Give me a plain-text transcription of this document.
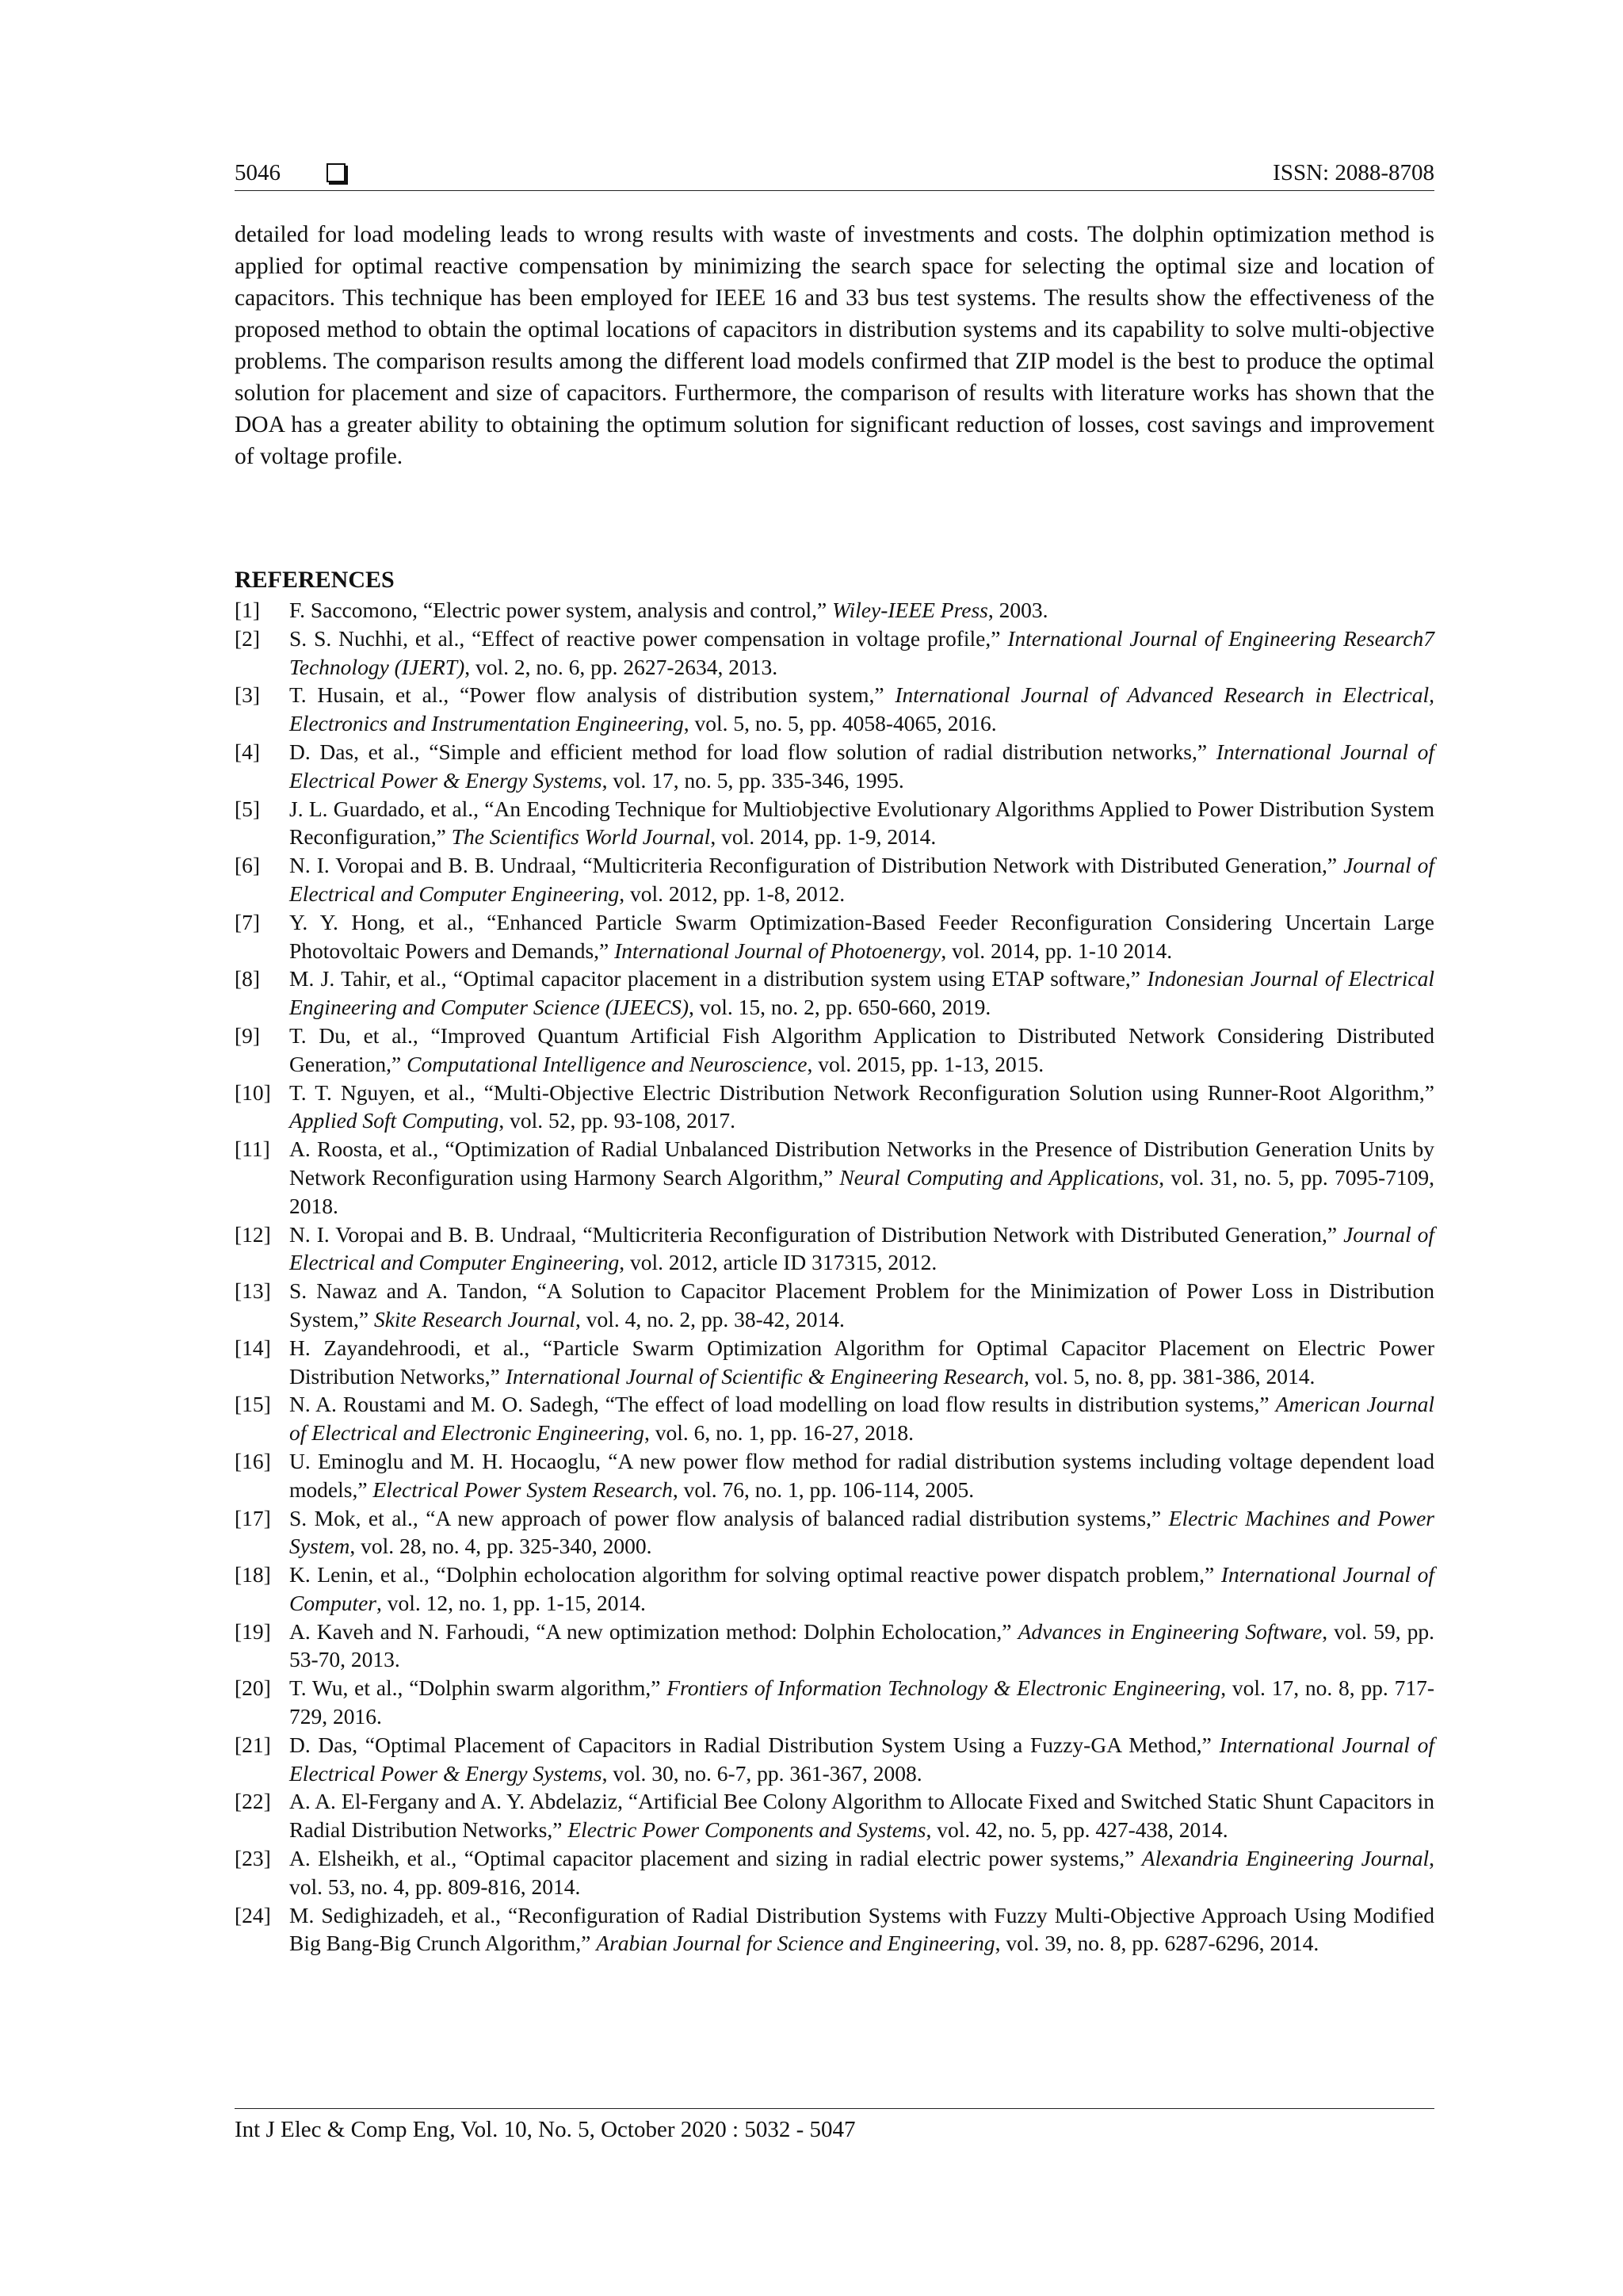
5046	ISSN: 2088-8708

detailed for load modeling leads to wrong results with waste of investments and costs. The dolphin optimization method is applied for optimal reactive compensation by minimizing the search space for selecting the optimal size and location of capacitors. This technique has been employed for IEEE 16 and 33 bus test systems. The results show the effectiveness of the proposed method to obtain the optimal locations of capacitors in distribution systems and its capability to solve multi-objective problems. The comparison results among the different load models confirmed that ZIP model is the best to produce the optimal solution for placement and size of capacitors. Furthermore, the comparison of results with literature works has shown that the DOA has a greater ability to obtaining the optimum solution for significant reduction of losses, cost savings and improvement of voltage profile.

REFERENCES
[1] F. Saccomono, “Electric power system, analysis and control,” Wiley-IEEE Press, 2003.
[2] S. S. Nuchhi, et al., “Effect of reactive power compensation in voltage profile,” International Journal of Engineering Research7 Technology (IJERT), vol. 2, no. 6, pp. 2627-2634, 2013.
[3] T. Husain, et al., “Power flow analysis of distribution system,” International Journal of Advanced Research in Electrical, Electronics and Instrumentation Engineering, vol. 5, no. 5, pp. 4058-4065, 2016.
[4] D. Das, et al., “Simple and efficient method for load flow solution of radial distribution networks,” International Journal of Electrical Power & Energy Systems, vol. 17, no. 5, pp. 335-346, 1995.
[5] J. L. Guardado, et al., “An Encoding Technique for Multiobjective Evolutionary Algorithms Applied to Power Distribution System Reconfiguration,” The Scientifics World Journal, vol. 2014, pp. 1-9, 2014.
[6] N. I. Voropai and B. B. Undraal, “Multicriteria Reconfiguration of Distribution Network with Distributed Generation,” Journal of Electrical and Computer Engineering, vol. 2012, pp. 1-8, 2012.
[7] Y. Y. Hong, et al., “Enhanced Particle Swarm Optimization-Based Feeder Reconfiguration Considering Uncertain Large Photovoltaic Powers and Demands,” International Journal of Photoenergy, vol. 2014, pp. 1-10 2014.
[8] M. J. Tahir, et al., “Optimal capacitor placement in a distribution system using ETAP software,” Indonesian Journal of Electrical Engineering and Computer Science (IJEECS), vol. 15, no. 2, pp. 650-660, 2019.
[9] T. Du, et al., “Improved Quantum Artificial Fish Algorithm Application to Distributed Network Considering Distributed Generation,” Computational Intelligence and Neuroscience, vol. 2015, pp. 1-13, 2015.
[10] T. T. Nguyen, et al., “Multi-Objective Electric Distribution Network Reconfiguration Solution using Runner-Root Algorithm,” Applied Soft Computing, vol. 52, pp. 93-108, 2017.
[11] A. Roosta, et al., “Optimization of Radial Unbalanced Distribution Networks in the Presence of Distribution Generation Units by Network Reconfiguration using Harmony Search Algorithm,” Neural Computing and Applications, vol. 31, no. 5, pp. 7095-7109, 2018.
[12] N. I. Voropai and B. B. Undraal, “Multicriteria Reconfiguration of Distribution Network with Distributed Generation,” Journal of Electrical and Computer Engineering, vol. 2012, article ID 317315, 2012.
[13] S. Nawaz and A. Tandon, “A Solution to Capacitor Placement Problem for the Minimization of Power Loss in Distribution System,” Skite Research Journal, vol. 4, no. 2, pp. 38-42, 2014.
[14] H. Zayandehroodi, et al., “Particle Swarm Optimization Algorithm for Optimal Capacitor Placement on Electric Power Distribution Networks,” International Journal of Scientific & Engineering Research, vol. 5, no. 8, pp. 381-386, 2014.
[15] N. A. Roustami and M. O. Sadegh, “The effect of load modelling on load flow results in distribution systems,” American Journal of Electrical and Electronic Engineering, vol. 6, no. 1, pp. 16-27, 2018.
[16] U. Eminoglu and M. H. Hocaoglu, “A new power flow method for radial distribution systems including voltage dependent load models,” Electrical Power System Research, vol. 76, no. 1, pp. 106-114, 2005.
[17] S. Mok, et al., “A new approach of power flow analysis of balanced radial distribution systems,” Electric Machines and Power System, vol. 28, no. 4, pp. 325-340, 2000.
[18] K. Lenin, et al., “Dolphin echolocation algorithm for solving optimal reactive power dispatch problem,” International Journal of Computer, vol. 12, no. 1, pp. 1-15, 2014.
[19] A. Kaveh and N. Farhoudi, “A new optimization method: Dolphin Echolocation,” Advances in Engineering Software, vol. 59, pp. 53-70, 2013.
[20] T. Wu, et al., “Dolphin swarm algorithm,” Frontiers of Information Technology & Electronic Engineering, vol. 17, no. 8, pp. 717-729, 2016.
[21] D. Das, “Optimal Placement of Capacitors in Radial Distribution System Using a Fuzzy-GA Method,” International Journal of Electrical Power & Energy Systems, vol. 30, no. 6-7, pp. 361-367, 2008.
[22] A. A. El-Fergany and A. Y. Abdelaziz, “Artificial Bee Colony Algorithm to Allocate Fixed and Switched Static Shunt Capacitors in Radial Distribution Networks,” Electric Power Components and Systems, vol. 42, no. 5, pp. 427-438, 2014.
[23] A. Elsheikh, et al., “Optimal capacitor placement and sizing in radial electric power systems,” Alexandria Engineering Journal, vol. 53, no. 4, pp. 809-816, 2014.
[24] M. Sedighizadeh, et al., “Reconfiguration of Radial Distribution Systems with Fuzzy Multi-Objective Approach Using Modified Big Bang-Big Crunch Algorithm,” Arabian Journal for Science and Engineering, vol. 39, no. 8, pp. 6287-6296, 2014.
Int J Elec & Comp Eng, Vol. 10, No. 5, October 2020 : 5032 - 5047
